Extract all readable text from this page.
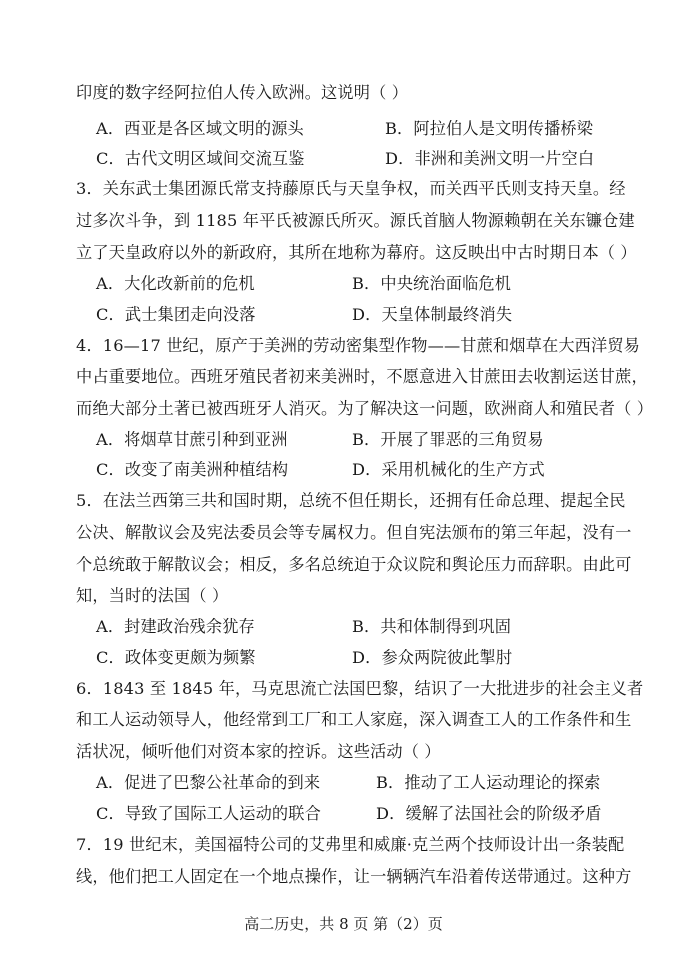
印度的数字经阿拉伯人传入欧洲。这说明（ ）
A．西亚是各区域文明的源头	B．阿拉伯人是文明传播桥梁
C．古代文明区域间交流互鉴	D．非洲和美洲文明一片空白
3．关东武士集团源氏常支持藤原氏与天皇争权，而关西平氏则支持天皇。经
过多次斗争，到 1185 年平氏被源氏所灭。源氏首脑人物源赖朝在关东镰仓建
立了天皇政府以外的新政府，其所在地称为幕府。这反映出中古时期日本（ ）
A．大化改新前的危机	B．中央统治面临危机
C．武士集团走向没落	D．天皇体制最终消失
4．16—17 世纪，原产于美洲的劳动密集型作物——甘蔗和烟草在大西洋贸易
中占重要地位。西班牙殖民者初来美洲时，不愿意进入甘蔗田去收割运送甘蔗，
而绝大部分土著已被西班牙人消灭。为了解决这一问题，欧洲商人和殖民者（ ）
A．将烟草甘蔗引种到亚洲	B．开展了罪恶的三角贸易
C．改变了南美洲种植结构	D．采用机械化的生产方式
5．在法兰西第三共和国时期，总统不但任期长，还拥有任命总理、提起全民
公决、解散议会及宪法委员会等专属权力。但自宪法颁布的第三年起，没有一
个总统敢于解散议会；相反，多名总统迫于众议院和舆论压力而辞职。由此可
知，当时的法国（ ）
A．封建政治残余犹存	B．共和体制得到巩固
C．政体变更颇为频繁	D．参众两院彼此掣肘
6．1843 至 1845 年，马克思流亡法国巴黎，结识了一大批进步的社会主义者
和工人运动领导人，他经常到工厂和工人家庭，深入调查工人的工作条件和生
活状况，倾听他们对资本家的控诉。这些活动（ ）
A．促进了巴黎公社革命的到来	B．推动了工人运动理论的探索
C．导致了国际工人运动的联合	D．缓解了法国社会的阶级矛盾
7．19 世纪末，美国福特公司的艾弗里和威廉·克兰两个技师设计出一条装配
线，他们把工人固定在一个地点操作，让一辆辆汽车沿着传送带通过。这种方
高二历史，共 8 页 第（2）页
